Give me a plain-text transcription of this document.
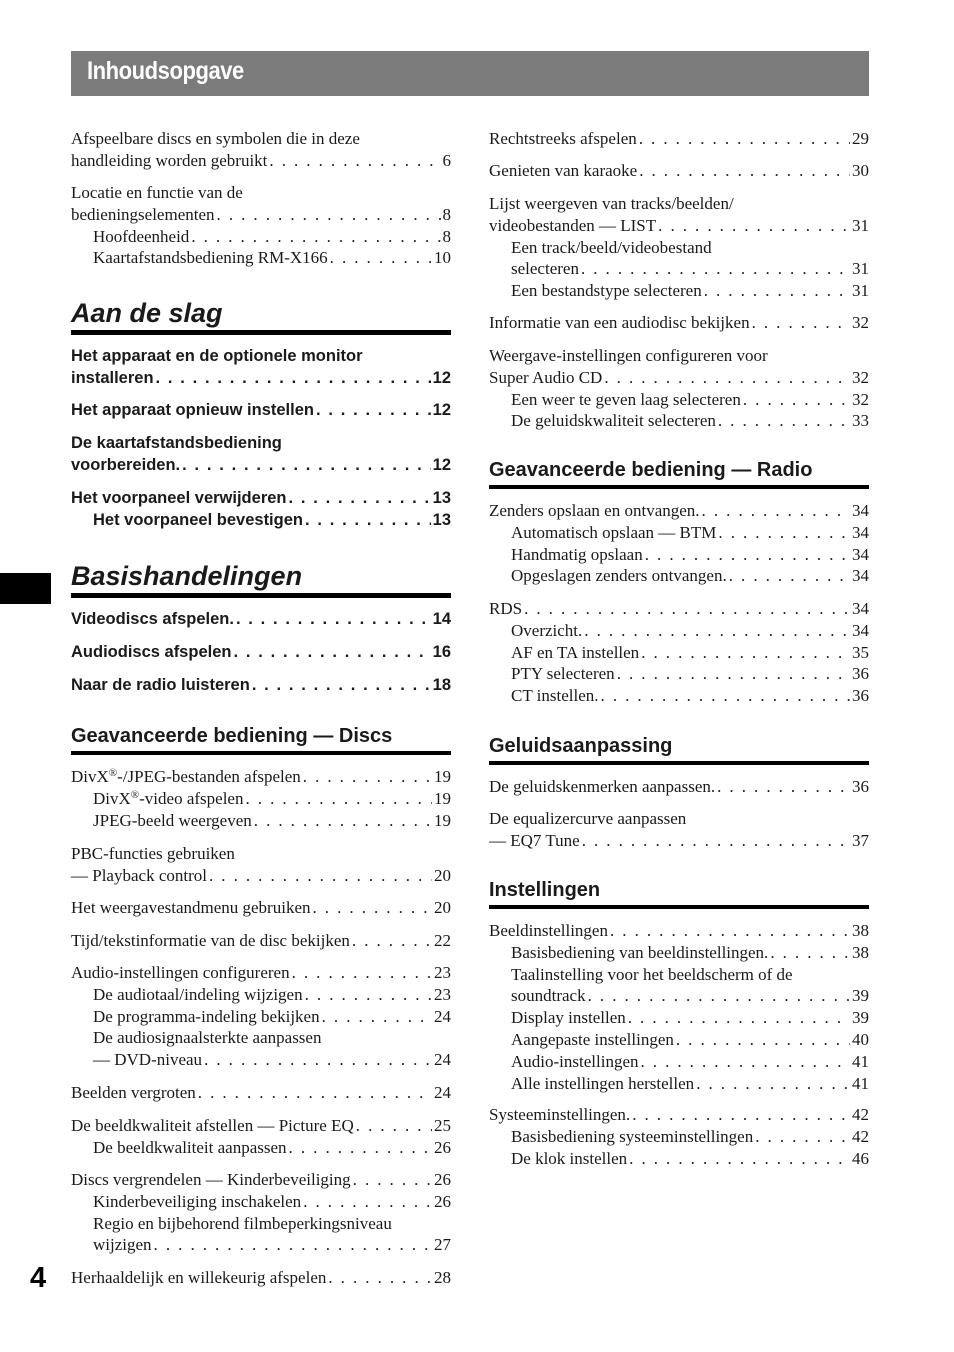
Inhoudsopgave
4
Afspeelbare discs en symbolen die in deze
handleiding worden gebruikt . . .	6
Locatie en functie van de
bedieningselementen . . .	8
Hoofdeenheid . . .	8
Kaartafstandsbediening RM-X166 . . .	10
Aan de slag
Het apparaat en de optionele monitor
installeren . . .	12
Het apparaat opnieuw instellen . . .	12
De kaartafstandsbediening
voorbereiden. . . .	12
Het voorpaneel verwijderen . . .	13
Het voorpaneel bevestigen . . .	13
Basishandelingen
Videodiscs afspelen. . . .	14
Audiodiscs afspelen . . .	16
Naar de radio luisteren . . .	18
Geavanceerde bediening — Discs
DivX®-/JPEG-bestanden afspelen . . .	19
DivX®-video afspelen . . .	19
JPEG-beeld weergeven . . .	19
PBC-functies gebruiken
— Playback control . . .	20
Het weergavestandmenu gebruiken . . .	20
Tijd/tekstinformatie van de disc bekijken . . .	22
Audio-instellingen configureren . . .	23
De audiotaal/indeling wijzigen . . .	23
De programma-indeling bekijken . . .	24
De audiosignaalsterkte aanpassen
— DVD-niveau . . .	24
Beelden vergroten . . .	24
De beeldkwaliteit afstellen — Picture EQ . . .	25
De beeldkwaliteit aanpassen . . .	26
Discs vergrendelen — Kinderbeveiliging . . .	26
Kinderbeveiliging inschakelen . . .	26
Regio en bijbehorend filmbeperkingsniveau
wijzigen . . .	27
Herhaaldelijk en willekeurig afspelen . . .	28
Rechtstreeks afspelen . . .	29
Genieten van karaoke . . .	30
Lijst weergeven van tracks/beelden/
videobestanden — LIST . . .	31
Een track/beeld/videobestand
selecteren . . .	31
Een bestandstype selecteren . . .	31
Informatie van een audiodisc bekijken . . .	32
Weergave-instellingen configureren voor
Super Audio CD . . .	32
Een weer te geven laag selecteren . . .	32
De geluidskwaliteit selecteren . . .	33
Geavanceerde bediening — Radio
Zenders opslaan en ontvangen. . . .	34
Automatisch opslaan — BTM . . .	34
Handmatig opslaan . . .	34
Opgeslagen zenders ontvangen. . . .	34
RDS . . .	34
Overzicht. . . .	34
AF en TA instellen . . .	35
PTY selecteren . . .	36
CT instellen. . . .	36
Geluidsaanpassing
De geluidskenmerken aanpassen. . . .	36
De equalizercurve aanpassen
— EQ7 Tune . . .	37
Instellingen
Beeldinstellingen . . .	38
Basisbediening van beeldinstellingen. . . .	38
Taalinstelling voor het beeldscherm of de
soundtrack . . .	39
Display instellen . . .	39
Aangepaste instellingen . . .	40
Audio-instellingen . . .	41
Alle instellingen herstellen . . .	41
Systeeminstellingen. . . .	42
Basisbediening systeeminstellingen . . .	42
De klok instellen . . .	46
